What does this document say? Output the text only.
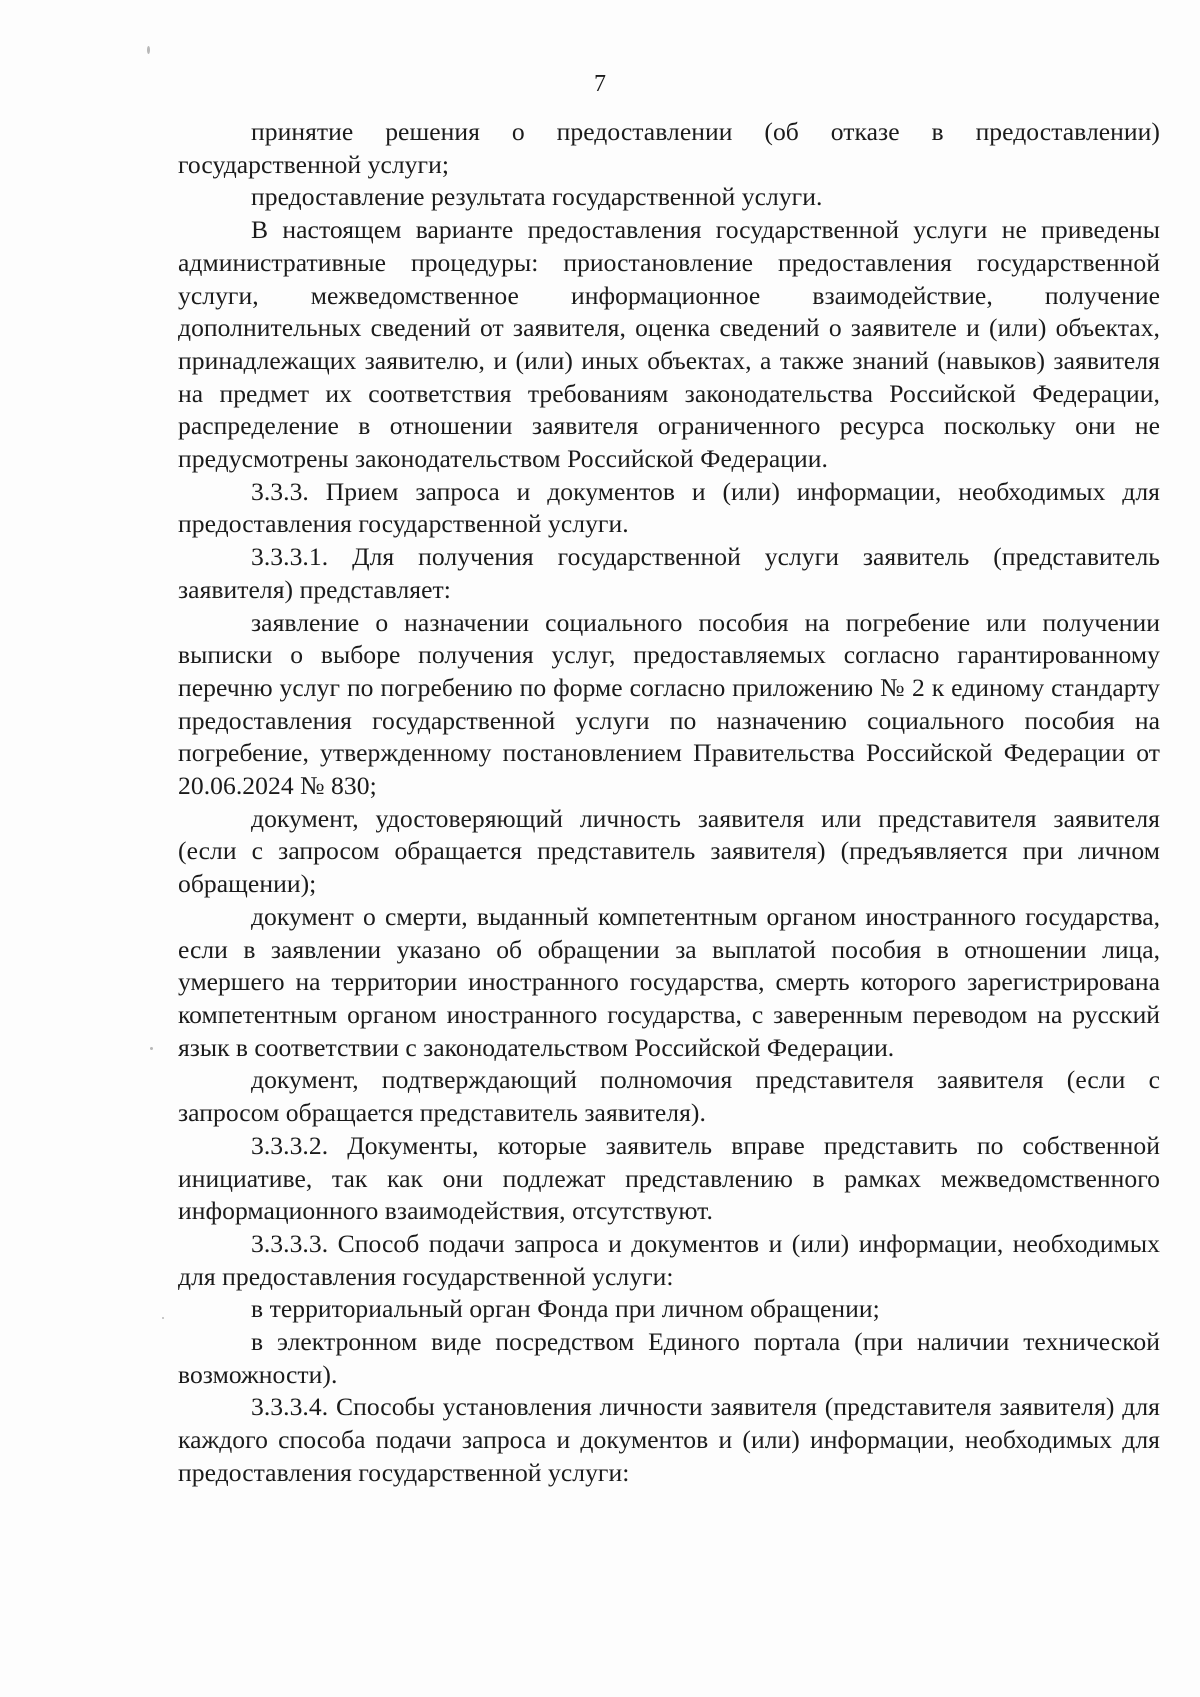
7

принятие решения о предоставлении (об отказе в предоставлении) государственной услуги;

предоставление результата государственной услуги.

В настоящем варианте предоставления государственной услуги не приведены административные процедуры: приостановление предоставления государственной услуги, межведомственное информационное взаимодействие, получение дополнительных сведений от заявителя, оценка сведений о заявителе и (или) объектах, принадлежащих заявителю, и (или) иных объектах, а также знаний (навыков) заявителя на предмет их соответствия требованиям законодательства Российской Федерации, распределение в отношении заявителя ограниченного ресурса поскольку они не предусмотрены законодательством Российской Федерации.

3.3.3. Прием запроса и документов и (или) информации, необходимых для предоставления государственной услуги.

3.3.3.1. Для получения государственной услуги заявитель (представитель заявителя) представляет:

заявление о назначении социального пособия на погребение или получении выписки о выборе получения услуг, предоставляемых согласно гарантированному перечню услуг по погребению по форме согласно приложению № 2 к единому стандарту предоставления государственной услуги по назначению социального пособия на погребение, утвержденному постановлением Правительства Российской Федерации от 20.06.2024 № 830;

документ, удостоверяющий личность заявителя или представителя заявителя (если с запросом обращается представитель заявителя) (предъявляется при личном обращении);

документ о смерти, выданный компетентным органом иностранного государства, если в заявлении указано об обращении за выплатой пособия в отношении лица, умершего на территории иностранного государства, смерть которого зарегистрирована компетентным органом иностранного государства, с заверенным переводом на русский язык в соответствии с законодательством Российской Федерации.

документ, подтверждающий полномочия представителя заявителя (если с запросом обращается представитель заявителя).

3.3.3.2. Документы, которые заявитель вправе представить по собственной инициативе, так как они подлежат представлению в рамках межведомственного информационного взаимодействия, отсутствуют.

3.3.3.3. Способ подачи запроса и документов и (или) информации, необходимых для предоставления государственной услуги:

в территориальный орган Фонда при личном обращении;

в электронном виде посредством Единого портала (при наличии технической возможности).

3.3.3.4. Способы установления личности заявителя (представителя заявителя) для каждого способа подачи запроса и документов и (или) информации, необходимых для предоставления государственной услуги:
